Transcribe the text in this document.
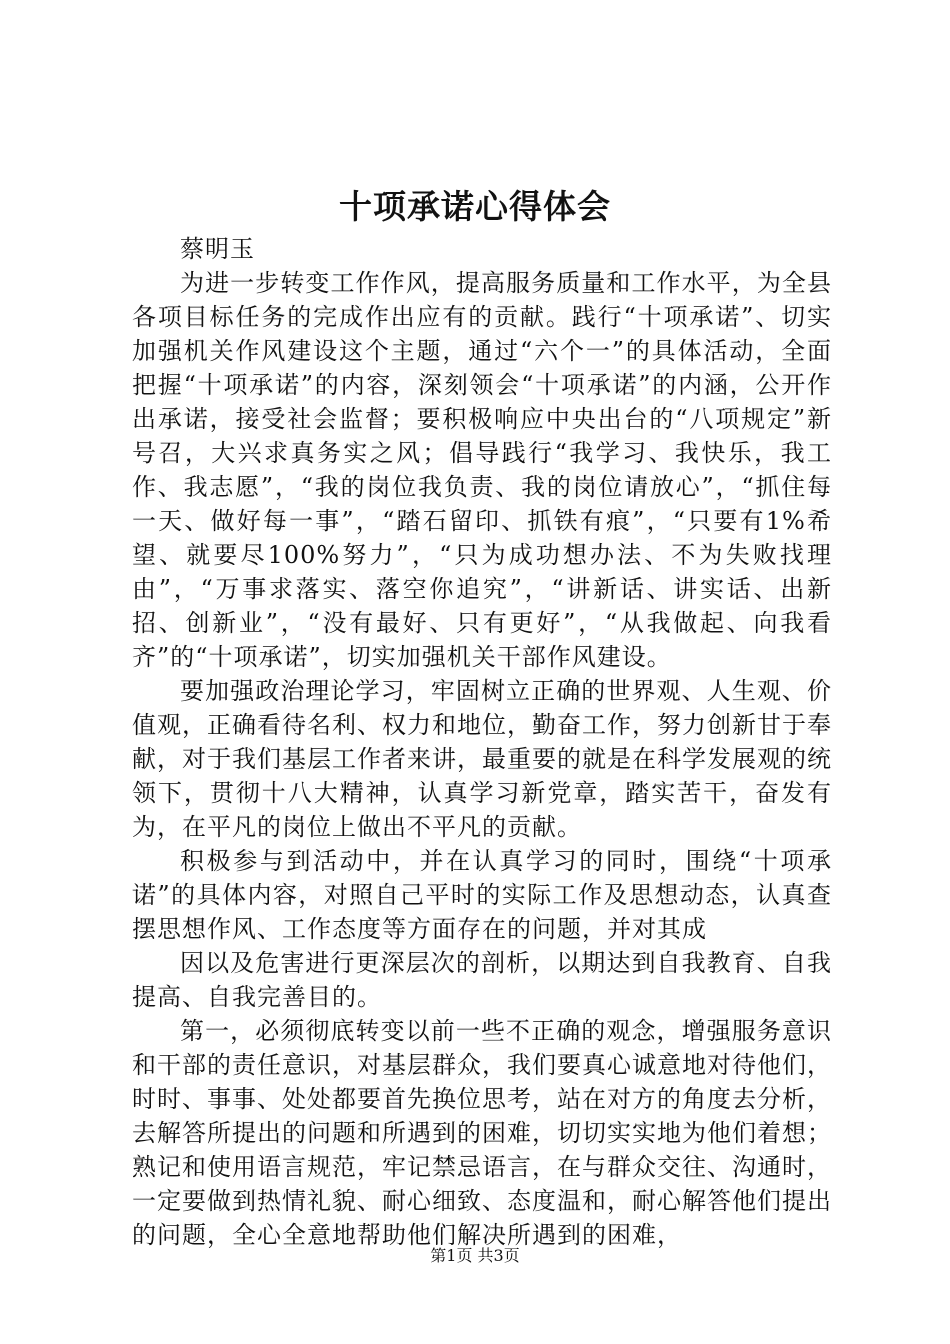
十项承诺心得体会

蔡明玉

为进一步转变工作作风，提高服务质量和工作水平，为全县各项目标任务的完成作出应有的贡献。践行“十项承诺”、切实加强机关作风建设这个主题，通过“六个一”的具体活动，全面把握“十项承诺”的内容，深刻领会“十项承诺”的内涵，公开作出承诺，接受社会监督；要积极响应中央出台的“八项规定”新号召，大兴求真务实之风；倡导践行“我学习、我快乐，我工作、我志愿”，“我的岗位我负责、我的岗位请放心”，“抓住每一天、做好每一事”，“踏石留印、抓铁有痕”，“只要有1%希望、就要尽100%努力”，“只为成功想办法、不为失败找理由”，“万事求落实、落空你追究”，“讲新话、讲实话、出新招、创新业”，“没有最好、只有更好”，“从我做起、向我看齐”的“十项承诺”，切实加强机关干部作风建设。

要加强政治理论学习，牢固树立正确的世界观、人生观、价值观，正确看待名利、权力和地位，勤奋工作，努力创新甘于奉献，对于我们基层工作者来讲，最重要的就是在科学发展观的统领下，贯彻十八大精神，认真学习新党章，踏实苦干，奋发有为，在平凡的岗位上做出不平凡的贡献。

积极参与到活动中，并在认真学习的同时，围绕“十项承诺”的具体内容，对照自己平时的实际工作及思想动态，认真查摆思想作风、工作态度等方面存在的问题，并对其成

因以及危害进行更深层次的剖析，以期达到自我教育、自我提高、自我完善目的。

第一，必须彻底转变以前一些不正确的观念，增强服务意识和干部的责任意识，对基层群众，我们要真心诚意地对待他们，时时、事事、处处都要首先换位思考，站在对方的角度去分析，去解答所提出的问题和所遇到的困难，切切实实地为他们着想；熟记和使用语言规范，牢记禁忌语言，在与群众交往、沟通时，一定要做到热情礼貌、耐心细致、态度温和，耐心解答他们提出的问题，全心全意地帮助他们解决所遇到的困难，

第1页 共3页
